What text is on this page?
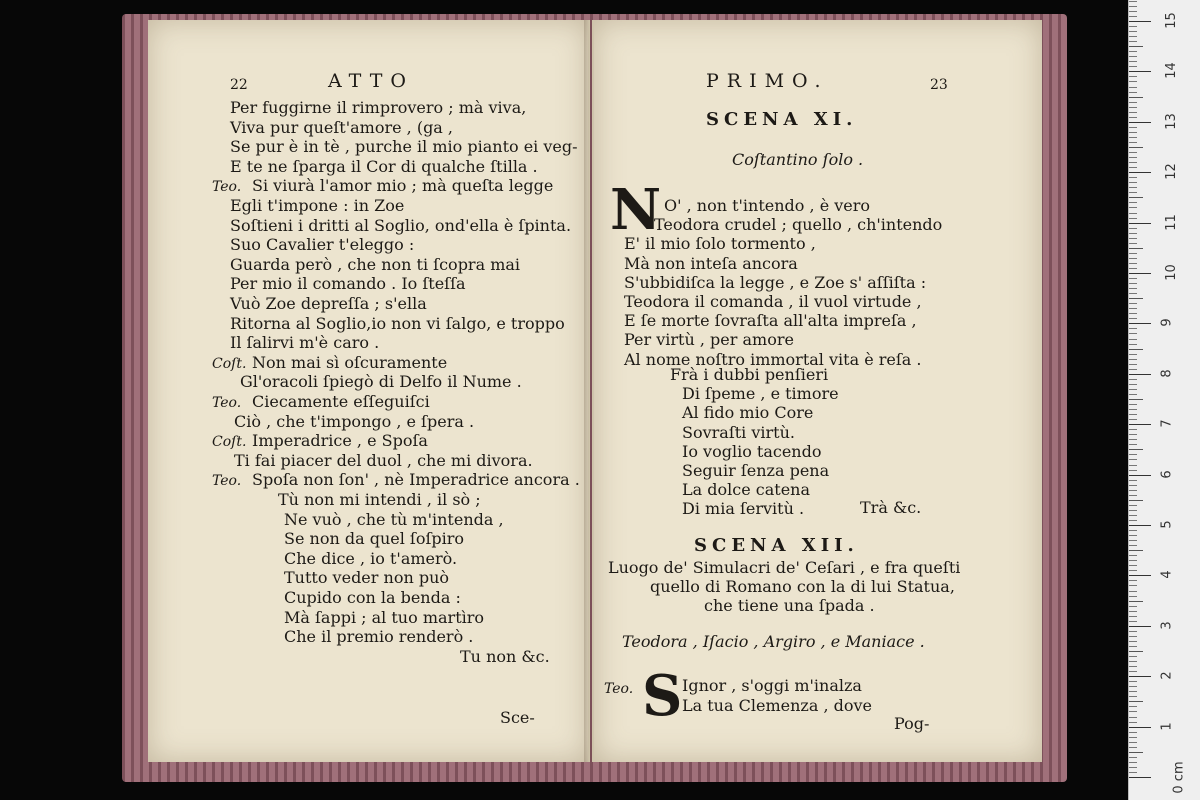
22	ATTO
Per fuggirne il rimprovero ; mà viva,
Viva pur queſt'amore , (ga ,
Se pur è in tè , purche il mio pianto ei veg-
E te ne ſparga il Cor di qualche ſtilla .
Teo. Si viurà l'amor mio ; mà queſta legge
Egli t'impone : in Zoe
Soſtieni i dritti al Soglio, ond'ella è ſpinta.
Suo Cavalier t'eleggo :
Guarda però , che non ti ſcopra mai
Per mio il comando . Io ſteſſa
Vuò Zoe depreſſa ; s'ella
Ritorna al Soglio,io non vi ſalgo, e troppo
Il ſalirvi m'è caro .
Coſt. Non mai sì oſcuramente
Gl'oracoli ſpiegò di Delfo il Nume .
Teo. Ciecamente eſſeguiſci
Ciò , che t'impongo , e ſpera .
Coſt. Imperadrice , e Spoſa
Ti fai piacer del duol , che mi divora.
Teo. Spoſa non ſon' , nè Imperadrice ancora .
Tù non mi intendi , il sò ;
Ne vuò , che tù m'intenda ,
Se non da quel ſoſpiro
Che dice , io t'amerò.
Tutto veder non può
Cupido con la benda :
Mà ſappi ; al tuo martìro
Che il premio renderò .
Tu non &c.
Sce-
PRIMO.	23
SCENA XI.
Coſtantino ſolo .
N O' , non t'intendo , è vero
Teodora crudel ; quello , ch'intendo
E' il mio ſolo tormento ,
Mà non inteſa ancora
S'ubbidiſca la legge , e Zoe s' aſſiſta :
Teodora il comanda , il vuol virtude ,
E ſe morte ſovraſta all'alta impreſa ,
Per virtù , per amore
Al nome noſtro immortal vita è reſa .
Frà i dubbi penſieri
Di ſpeme , e timore
Al fido mio Core
Sovraſti virtù.
Io voglio tacendo
Seguir ſenza pena
La dolce catena
Di mia ſervitù .	Trà &c.
SCENA XII.
Luogo de' Simulacri de' Ceſari , e fra queſti
quello di Romano con la di lui Statua,
che tiene una ſpada .
Teodora , Iſacio , Argiro , e Maniace .
Teo. S Ignor , s'oggi m'inalza
La tua Clemenza , dove
Pog-
0 cm
1
2
3
4
5
6
7
8
9
10
11
12
13
14
15
